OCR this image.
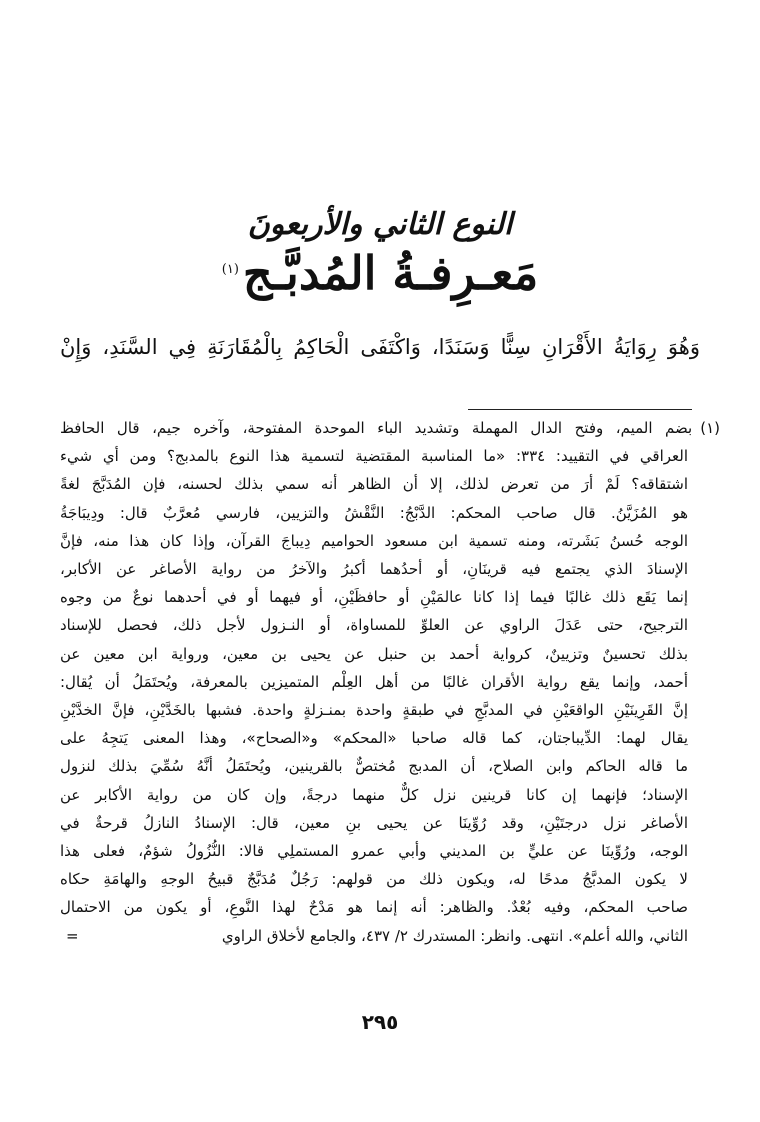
النوع الثاني والأربعونَ
مَعـرِفـةُ المُدبَّـج$^{(١)}$
وَهُوَ رِوَايَةُ الأَقْرَانِ سِنًّا وَسَنَدًا، وَاكْتَفَى الْحَاكِمُ بِالْمُقَارَنَةِ فِي السَّنَدِ، وَإِنْ
(١)بضم الميم، وفتح الدال المهملة وتشديد الباء الموحدة المفتوحة، وآخره جيم، قال الحافظ
العراقي في التقييد: ٣٣٤: «ما المناسبة المقتضية لتسمية هذا النوع بالمدبج؟ ومن أي شيء
اشتقاقه؟ لَمْ أرَ من تعرض لذلك، إلا أن الظاهر أنه سمي بذلك لحسنه، فإن المُدَبَّجَ لغةً
هو المُزَيَّنُ. قال صاحب المحكم: الدَّبْجُ: النَّقْشُ والتزيين، فارسي مُعرَّبٌ قال: ودِيبَاجَةُ
الوجه حُسنُ بَشَرته، ومنه تسمية ابن مسعود الحواميم دِيباجَ القرآن، وإذا كان هذا منه، فإنَّ
الإسنادَ الذي يجتمع فيه قرينَانِ، أو أحدُهما أكبرُ والآخرُ من رواية الأصاغر عن الأكابر،
إنما يَقَع ذلك غالبًا فيما إذا كانا عالمَيْنِ أو حافظَيْنِ، أو فيهما أو في أحدهما نوعٌ من وجوه
الترجيح، حتى عَدَلَ الراوي عن العلوِّ للمساواة، أو النـزول لأجل ذلك، فحصل للإسناد
بذلك تحسينٌ وتزيينٌ، كرواية أحمد بن حنبل عن يحيى بن معين، ورواية ابن معين عن
أحمد، وإنما يقع رواية الأقران غالبًا من أهل العِلْم المتميزين بالمعرفة، ويُحتَمَلُ أن يُقال:
إنَّ القَرِينَيْنِ الواقعَيْنِ في المدبَّجِ في طبقةٍ واحدة بمنـزلةٍ واحدة. فشبها بالخَدَّيْنِ، فإنَّ الخدَّيْنِ
يقال لهما: الدِّيباجتان، كما قاله صاحبا «المحكم» و«الصحاح»، وهذا المعنى يَتجِهُ على
ما قاله الحاكم وابن الصلاح، أن المدبج مُختصٌّ بالقرينين، ويُحتَمَلُ أنَّهُ سُمِّيَ بذلك لنزول
الإسناد؛ فإنهما إن كانا قرينين نزل كلٌّ منهما درجةً، وإن كان من رواية الأكابر عن
الأصاغر نزل درجتَيْنِ، وقد رُوِّينَا عن يحيى بنِ معين، قال: الإسنادُ النازلُ قرحةٌ في
الوجه، ورُوِّينَا عن عليٍّ بن المديني وأبي عمرو المستملِي قالا: النُّزُولُ شؤمٌ، فعلى هذا
لا يكون المدبَّجُ مدحًا له، ويكون ذلك من قولهم: رَجُلٌ مُدَبَّجٌ قبيحُ الوجهِ والهامَةِ حكاه
صاحب المحكم، وفيه بُعْدٌ. والظاهر: أنه إنما هو مَدْحٌ لهذا النَّوعِ، أو يكون من الاحتمال
الثاني، والله أعلم». انتهى. وانظر: المستدرك ٢/ ٤٣٧، والجامع لأخلاق الراوي
=
٢٩٥
